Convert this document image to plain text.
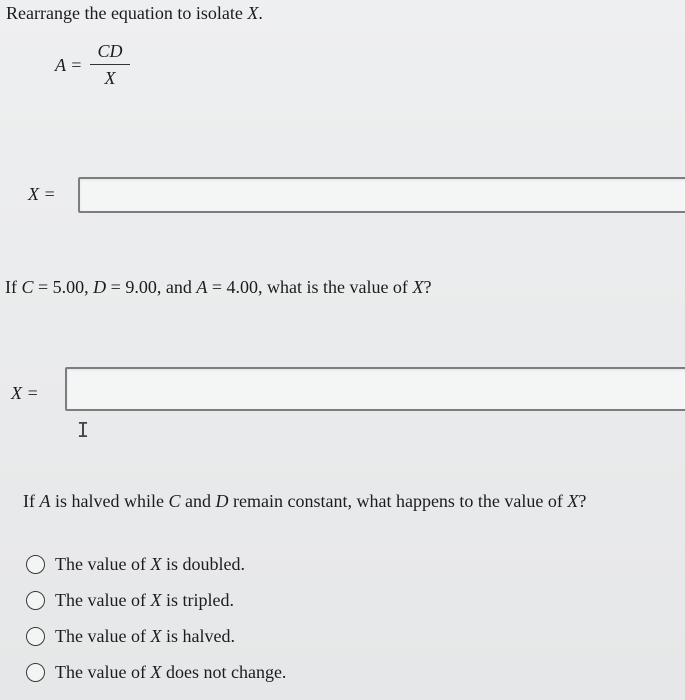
Rearrange the equation to isolate X.
A =
CD
X
X =
If C = 5.00, D = 9.00, and A = 4.00, what is the value of X?
X =
I
If A is halved while C and D remain constant, what happens to the value of X?
The value of X is doubled.
The value of X is tripled.
The value of X is halved.
The value of X does not change.
